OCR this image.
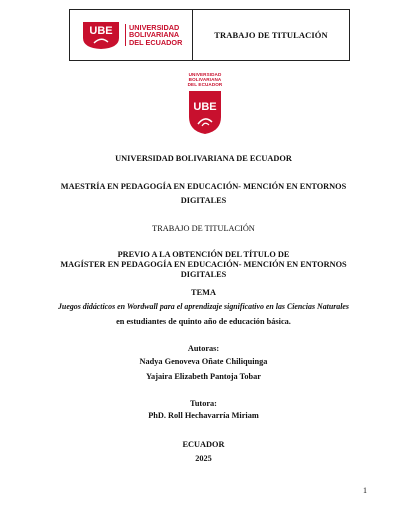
UBE UNIVERSIDAD
BOLIVARIANA
DEL ECUADOR
TRABAJO DE TITULACIÓN
UNIVERSIDAD
BOLIVARIANA
DEL ECUADOR
UBE
UNIVERSIDAD BOLIVARIANA DE ECUADOR
MAESTRÍA EN PEDAGOGÍA EN EDUCACIÓN- MENCIÓN EN ENTORNOS
DIGITALES
TRABAJO DE TITULACIÓN
PREVIO A LA OBTENCIÓN DEL TÍTULO DE
MAGÍSTER EN PEDAGOGÍA EN EDUCACIÓN- MENCIÓN EN ENTORNOS
DIGITALES
TEMA
Juegos didácticos en Wordwall para el aprendizaje significativo en las Ciencias Naturales
en estudiantes de quinto año de educación básica.
Autoras:
Nadya Genoveva Oñate Chiliquinga
Yajaira Elizabeth Pantoja Tobar
Tutora:
PhD. Roll Hechavarría Miriam
ECUADOR
2025
1
